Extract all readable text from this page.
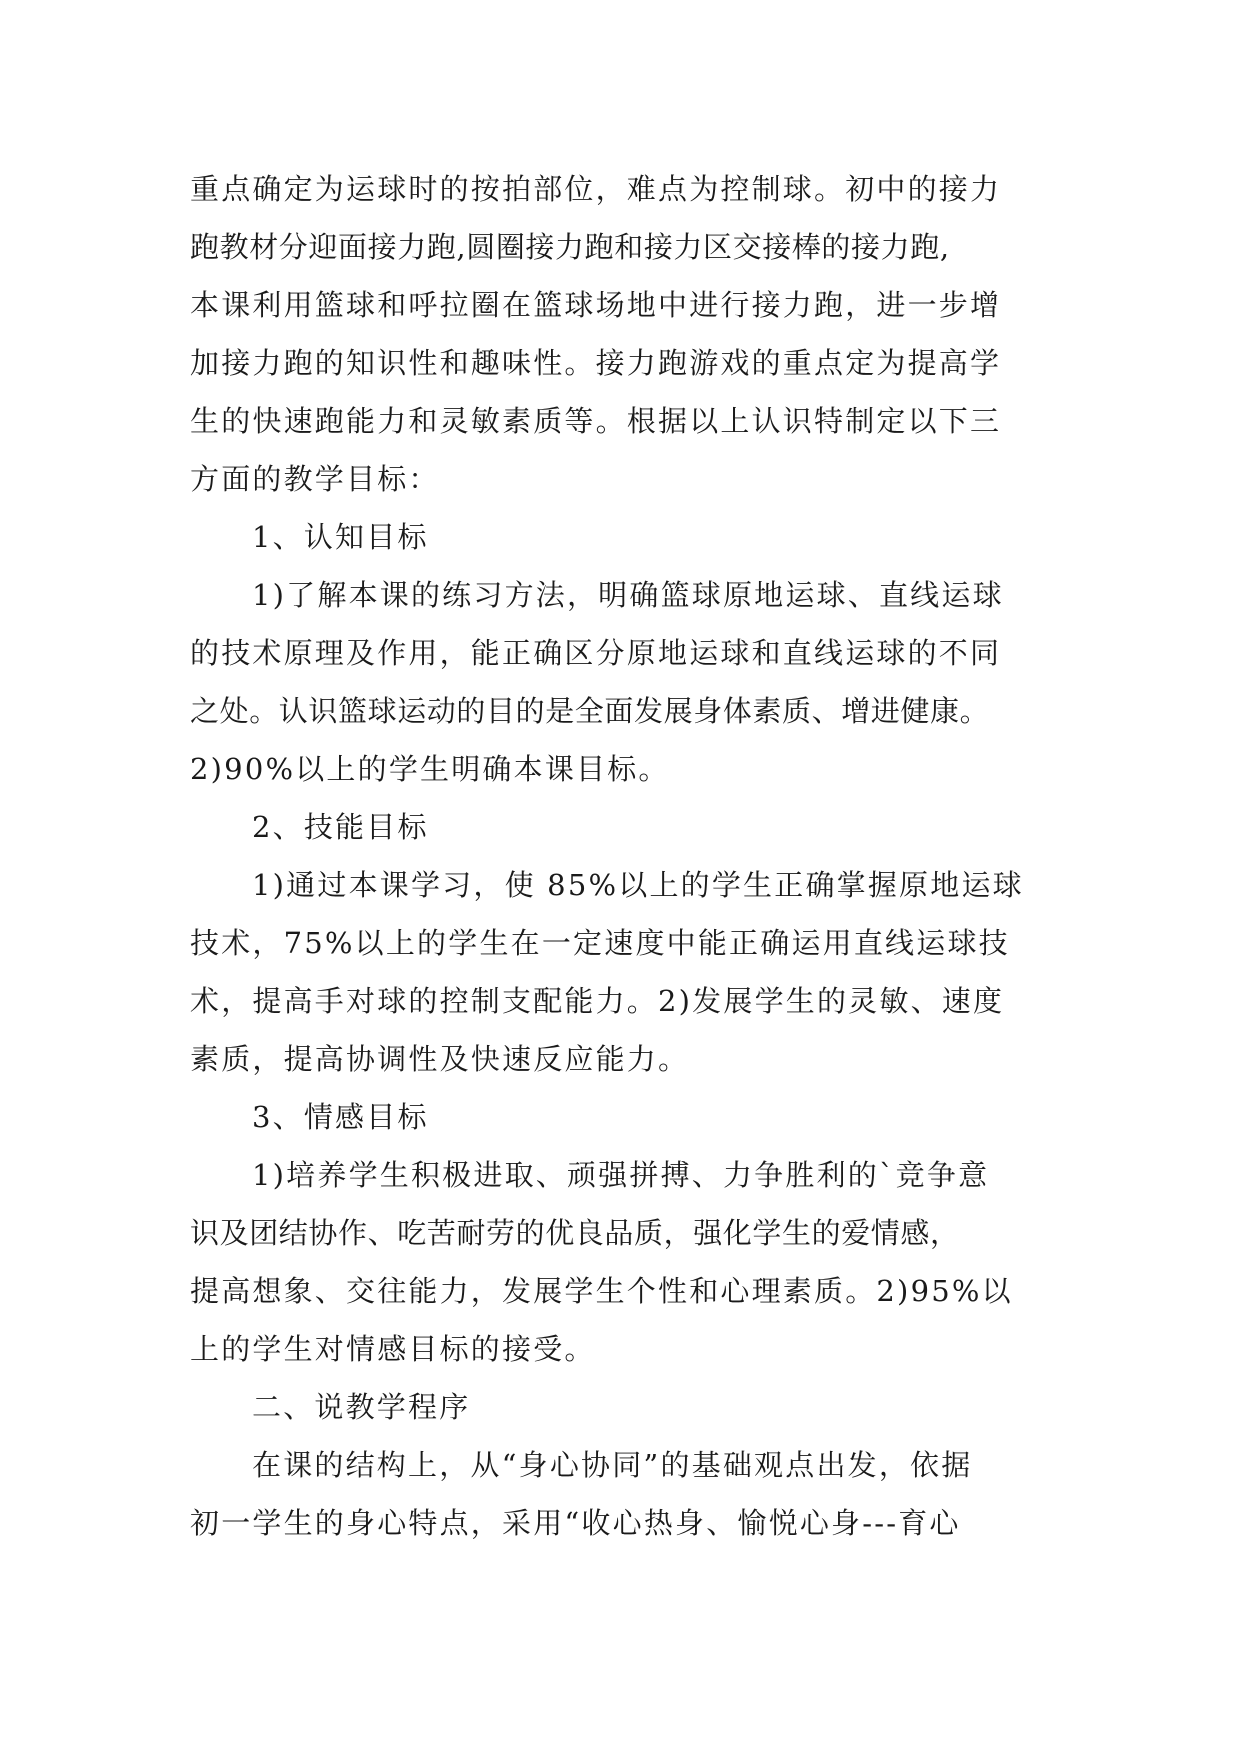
重点确定为运球时的按拍部位，难点为控制球。初中的接力
跑教材分迎面接力跑,圆圈接力跑和接力区交接棒的接力跑,
本课利用篮球和呼拉圈在篮球场地中进行接力跑，进一步增
加接力跑的知识性和趣味性。接力跑游戏的重点定为提高学
生的快速跑能力和灵敏素质等。根据以上认识特制定以下三
方面的教学目标：
1、认知目标
1)了解本课的练习方法，明确篮球原地运球、直线运球
的技术原理及作用，能正确区分原地运球和直线运球的不同
之处。认识篮球运动的目的是全面发展身体素质、增进健康。
2)90%以上的学生明确本课目标。
2、技能目标
1)通过本课学习，使 85%以上的学生正确掌握原地运球
技术，75%以上的学生在一定速度中能正确运用直线运球技
术，提高手对球的控制支配能力。2)发展学生的灵敏、速度
素质，提高协调性及快速反应能力。
3、情感目标
1)培养学生积极进取、顽强拼搏、力争胜利的`竞争意
识及团结协作、吃苦耐劳的优良品质，强化学生的爱情感，
提高想象、交往能力，发展学生个性和心理素质。2)95%以
上的学生对情感目标的接受。
二、说教学程序
在课的结构上，从“身心协同”的基础观点出发，依据
初一学生的身心特点，采用“收心热身、愉悦心身---育心
